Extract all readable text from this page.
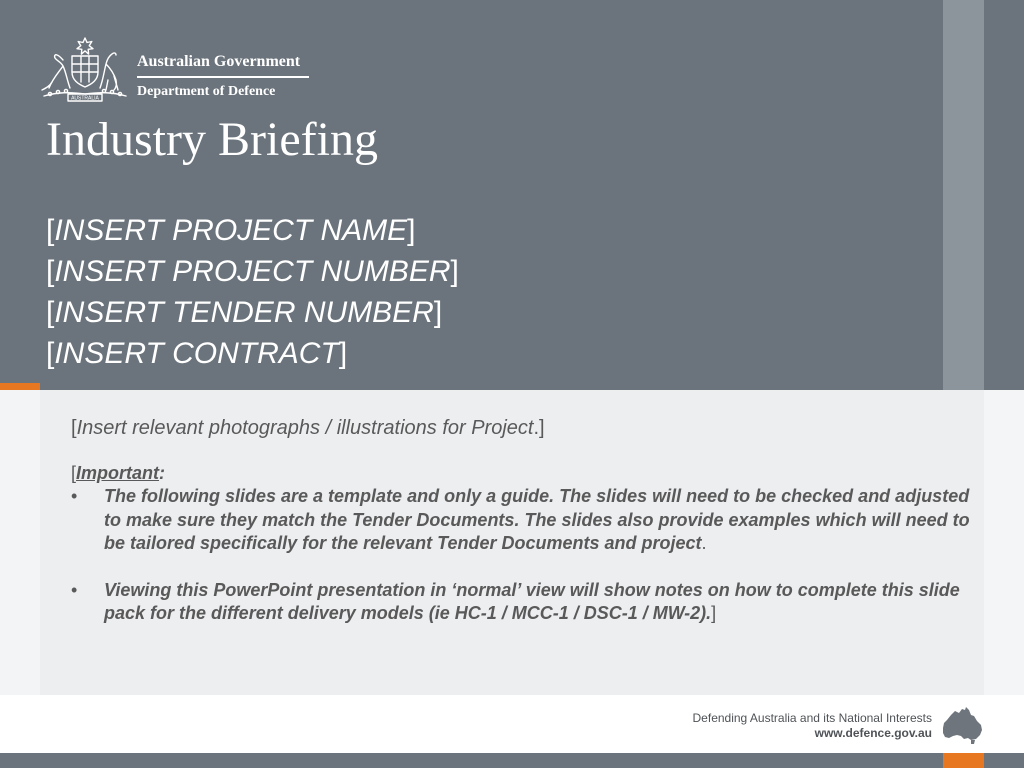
AUSTRALIA
Australian Government
Department of Defence
Industry Briefing
[INSERT PROJECT NAME]
[INSERT PROJECT NUMBER]
[INSERT TENDER NUMBER]
[INSERT CONTRACT]

[Insert relevant photographs / illustrations for Project.]

[Important:

• The following slides are a template and only a guide. The slides will need to be checked and adjusted to make sure they match the Tender Documents. The slides also provide examples which will need to be tailored specifically for the relevant Tender Documents and project.
• Viewing this PowerPoint presentation in ‘normal’ view will show notes on how to complete this slide pack for the different delivery models (ie HC-1 / MCC-1 / DSC-1 / MW-2).]
Defending Australia and its National Interests
www.defence.gov.au
